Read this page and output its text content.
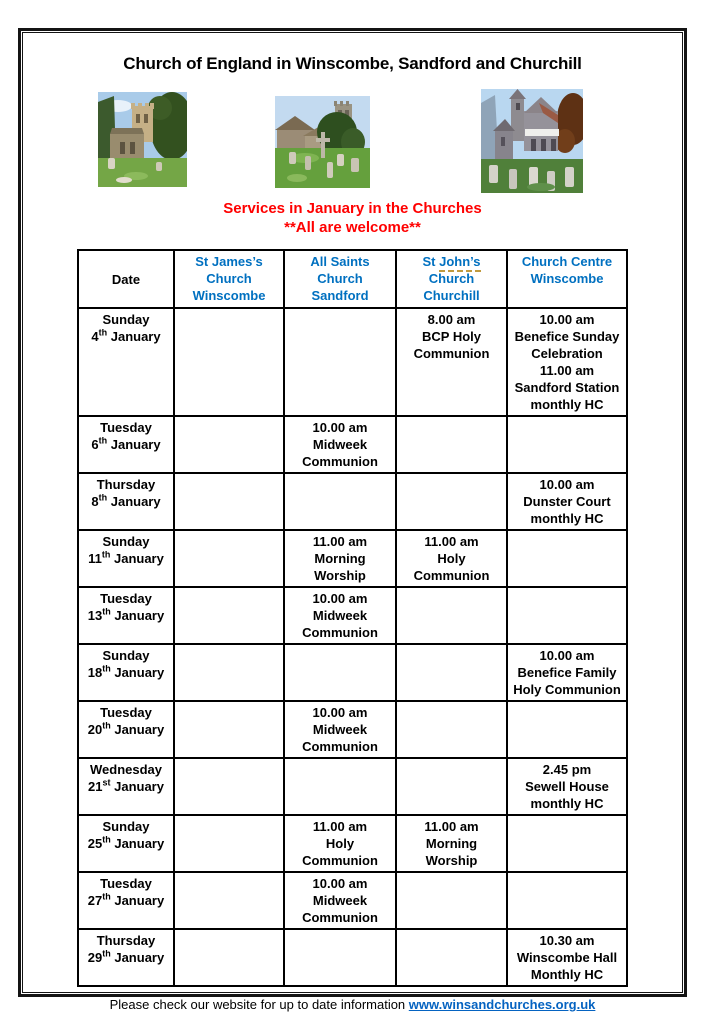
Church of England in Winscombe, Sandford and Churchill
Services in January in the Churches
**All are welcome**
Date	St James’s
Church
Winscombe	All Saints
Church
Sandford	St John’s
Church
Churchill	Church Centre
Winscombe
Sunday
4th January			8.00 am
BCP Holy
Communion	10.00 am
Benefice Sunday
Celebration
11.00 am
Sandford Station
monthly HC
Tuesday
6th January		10.00 am
Midweek
Communion		
Thursday
8th January				10.00 am
Dunster Court
monthly HC
Sunday
11th January		11.00 am
Morning Worship	11.00 am
Holy Communion	
Tuesday
13th January		10.00 am
Midweek
Communion		
Sunday
18th January				10.00 am
Benefice Family
Holy Communion
Tuesday
20th January		10.00 am
Midweek
Communion		
Wednesday
21st January				2.45 pm
Sewell House
monthly HC
Sunday
25th January		11.00 am
Holy Communion	11.00 am
Morning Worship	
Tuesday
27th January		10.00 am
Midweek
Communion		
Thursday
29th January				10.30 am
Winscombe Hall
Monthly HC

Please check our website for up to date information www.winsandchurches.org.uk
